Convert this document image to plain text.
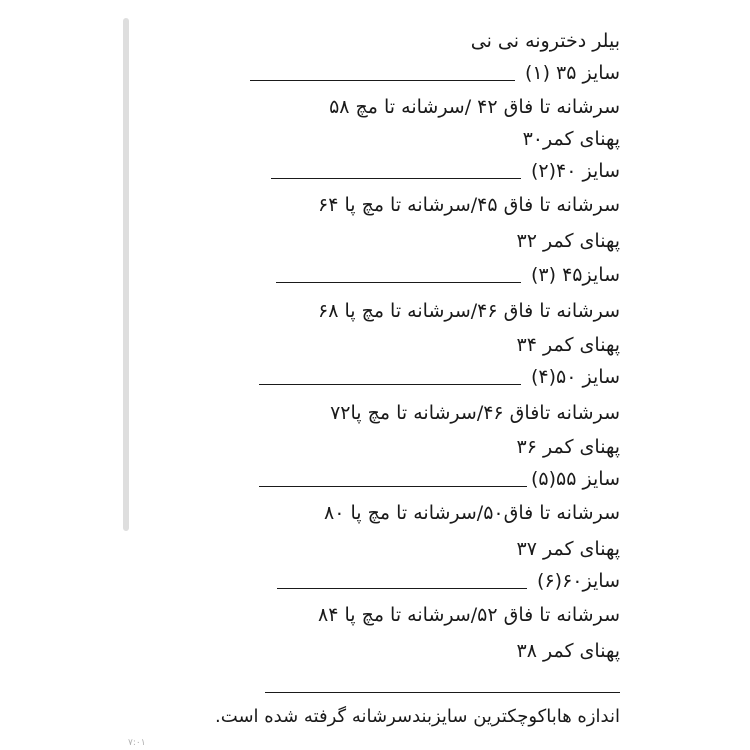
بیلر دخترونه نی نی
سایز ۳۵ (۱)
سرشانه تا فاق ۴۲ /سرشانه تا مچ ۵۸
پهنای کمر۳۰
سایز ۴۰(۲)
سرشانه تا فاق ۴۵/سرشانه تا مچ پا ۶۴
پهنای کمر ۳۲
سایز۴۵ (۳)
سرشانه تا فاق ۴۶/سرشانه تا مچ پا ۶۸
پهنای کمر ۳۴
سایز ۵۰(۴)
سرشانه تافاق ۴۶/سرشانه تا مچ پا۷۲
پهنای کمر ۳۶
سایز ۵۵(۵)
سرشانه تا فاق۵۰/سرشانه تا مچ پا ۸۰
پهنای کمر ۳۷
سایز۶۰(۶)
سرشانه تا فاق ۵۲/سرشانه تا مچ پا ۸۴
پهنای کمر ۳۸
اندازه هاباکوچکترین سایزبندسرشانه گرفته شده است.
۷:۰۱
